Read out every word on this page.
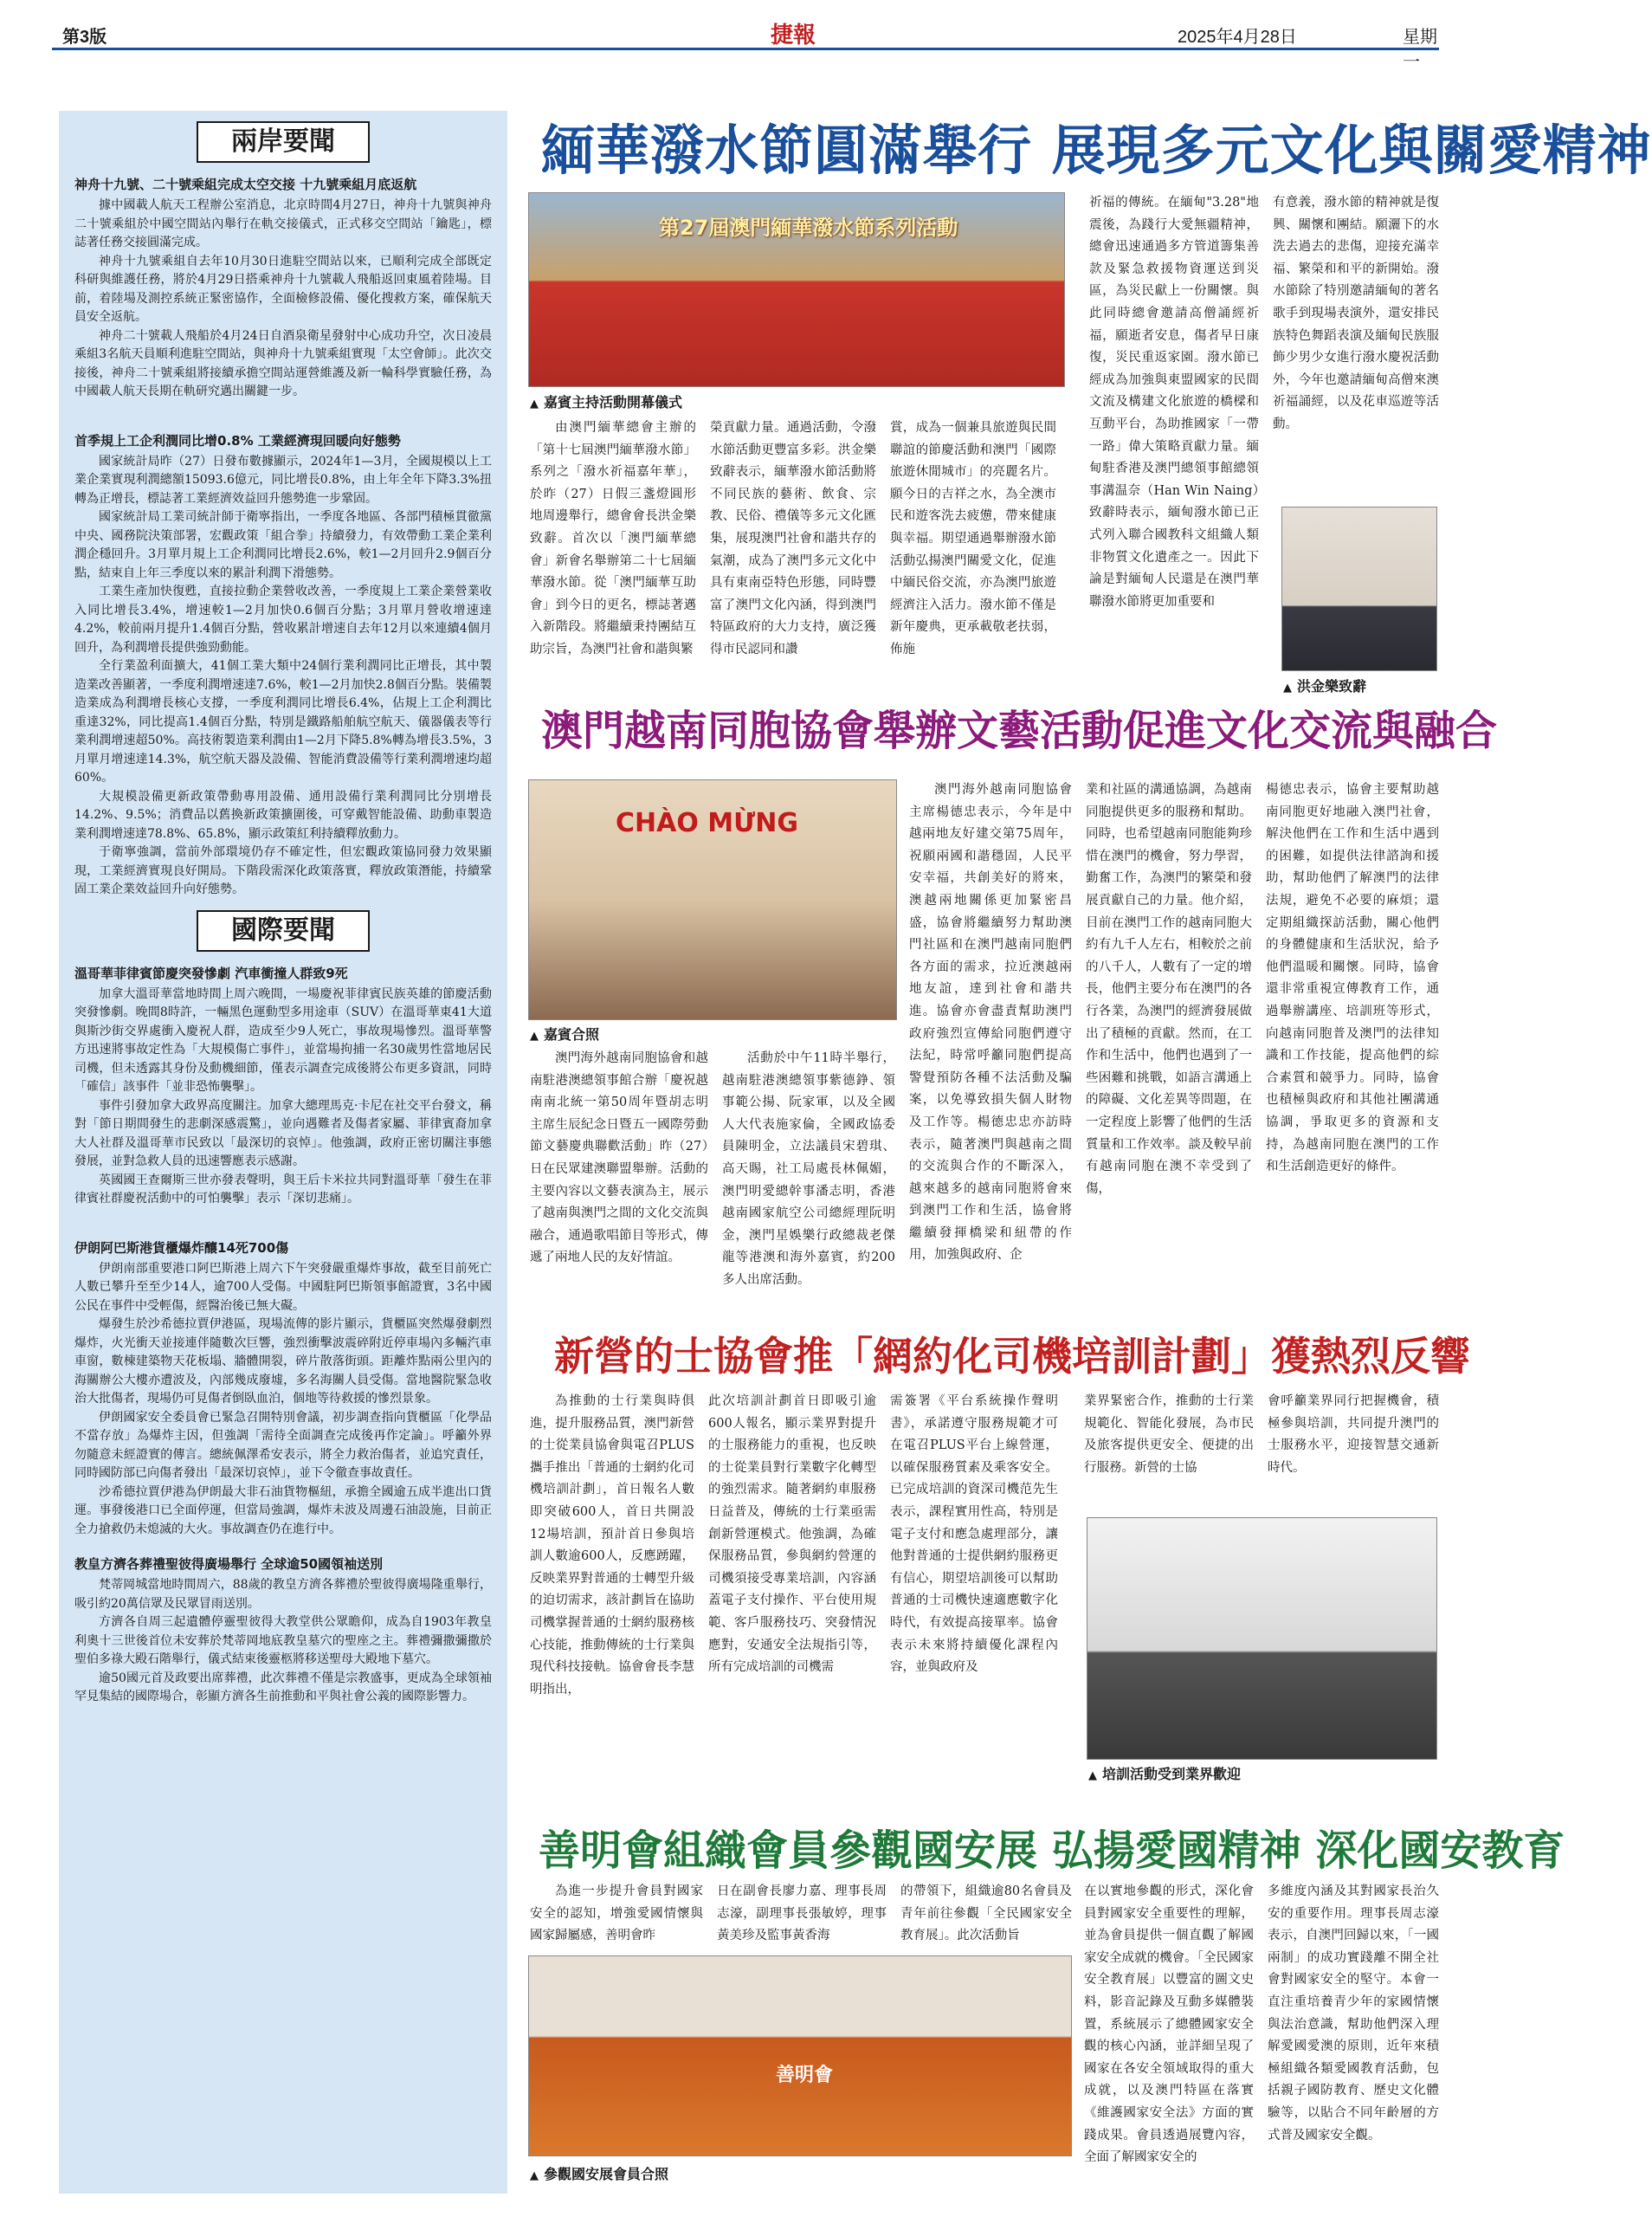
第3版	捷報	2025年4月28日	星期一
兩岸要聞
神舟十九號、二十號乘組完成太空交接 十九號乘組月底返航

據中國載人航天工程辦公室消息，北京時間4月27日，神舟十九號與神舟二十號乘組於中國空間站內舉行在軌交接儀式，正式移交空間站「鑰匙」，標誌著任務交接圓滿完成。

神舟十九號乘組自去年10月30日進駐空間站以來，已順利完成全部既定科研與維護任務，將於4月29日搭乘神舟十九號載人飛船返回東風着陸場。目前，着陸場及測控系統正緊密協作，全面檢修設備、優化搜救方案，確保航天員安全返航。

神舟二十號載人飛船於4月24日自酒泉衛星發射中心成功升空，次日凌晨乘組3名航天員順利進駐空間站，與神舟十九號乘組實現「太空會師」。此次交接後，神舟二十號乘組將接續承擔空間站運營維護及新一輪科學實驗任務，為中國載人航天長期在軌研究邁出關鍵一步。

首季規上工企利潤同比增0.8% 工業經濟現回暖向好態勢

國家統計局昨（27）日發布數據顯示，2024年1—3月，全國規模以上工業企業實現利潤總額15093.6億元，同比增長0.8%，由上年全年下降3.3%扭轉為正增長，標誌著工業經濟效益回升態勢進一步鞏固。

國家統計局工業司統計師于衛寧指出，一季度各地區、各部門積極貫徹黨中央、國務院決策部署，宏觀政策「組合拳」持續發力，有效帶動工業企業利潤企穩回升。3月單月規上工企利潤同比增長2.6%，較1—2月回升2.9個百分點，結束自上年三季度以來的累計利潤下滑態勢。

工業生產加快復甦，直接拉動企業營收改善，一季度規上工業企業營業收入同比增長3.4%，增速較1—2月加快0.6個百分點；3月單月營收增速達4.2%，較前兩月提升1.4個百分點，營收累計增速自去年12月以來連續4個月回升，為利潤增長提供強勁動能。

全行業盈利面擴大，41個工業大類中24個行業利潤同比正增長，其中製造業改善顯著，一季度利潤增速達7.6%，較1—2月加快2.8個百分點。裝備製造業成為利潤增長核心支撐，一季度利潤同比增長6.4%，佔規上工企利潤比重達32%，同比提高1.4個百分點，特別是鐵路船舶航空航天、儀器儀表等行業利潤增速超50%。高技術製造業利潤由1—2月下降5.8%轉為增長3.5%，3月單月增速達14.3%，航空航天器及設備、智能消費設備等行業利潤增速均超60%。

大規模設備更新政策帶動專用設備、通用設備行業利潤同比分別增長14.2%、9.5%；消費品以舊換新政策擴圍後，可穿戴智能設備、助動車製造業利潤增速達78.8%、65.8%，顯示政策紅利持續釋放動力。

于衛寧強調，當前外部環境仍存不確定性，但宏觀政策協同發力效果顯現，工業經濟實現良好開局。下階段需深化政策落實，釋放政策潛能，持續鞏固工業企業效益回升向好態勢。

國際要聞
溫哥華菲律賓節慶突發慘劇 汽車衝撞人群致9死

加拿大溫哥華當地時間上周六晚間，一場慶祝菲律賓民族英雄的節慶活動突發慘劇。晚間8時許，一輛黑色運動型多用途車（SUV）在溫哥華東41大道與斯沙街交界處衝入慶祝人群，造成至少9人死亡，事故現場慘烈。溫哥華警方迅速將事故定性為「大規模傷亡事件」，並當場拘捕一名30歲男性當地居民司機，但未透露其身份及動機細節，僅表示調查完成後將公布更多資訊，同時「確信」該事件「並非恐怖襲擊」。

事件引發加拿大政界高度關注。加拿大總理馬克·卡尼在社交平台發文，稱對「節日期間發生的悲劇深感震驚」，並向遇難者及傷者家屬、菲律賓裔加拿大人社群及溫哥華市民致以「最深切的哀悼」。他強調，政府正密切關注事態發展，並對急救人員的迅速響應表示感謝。

英國國王查爾斯三世亦發表聲明，與王后卡米拉共同對溫哥華「發生在菲律賓社群慶祝活動中的可怕襲擊」表示「深切悲痛」。

伊朗阿巴斯港貨櫃爆炸釀14死700傷

伊朗南部重要港口阿巴斯港上周六下午突發嚴重爆炸事故，截至目前死亡人數已攀升至至少14人，逾700人受傷。中國駐阿巴斯領事館證實，3名中國公民在事件中受輕傷，經醫治後已無大礙。

爆發生於沙希德拉賈伊港區，現場流傳的影片顯示，貨櫃區突然爆發劇烈爆炸，火光衝天並接連伴隨數次巨響，強烈衝擊波震碎附近停車場內多輛汽車車窗，數棟建築物天花板塌、牆體開裂，碎片散落街頭。距離炸點兩公里內的海關辦公大樓亦遭波及，內部幾成廢墟，多名海關人員受傷。當地醫院緊急收治大批傷者，現場仍可見傷者倒臥血泊，個地等待救援的慘烈景象。

伊朗國家安全委員會已緊急召開特別會議，初步調查指向貨櫃區「化學品不當存放」為爆炸主因，但強調「需待全面調查完成後再作定論」。呼籲外界勿隨意未經證實的傳言。總統佩澤希安表示，將全力救治傷者，並追究責任，同時國防部已向傷者發出「最深切哀悼」，並下令徹查事故責任。

沙希德拉賈伊港為伊朗最大非石油貨物樞紐，承擔全國逾五成半進出口貨運。事發後港口已全面停運，但當局強調，爆炸未波及周邊石油設施，目前正全力搶救仍未熄滅的大火。事故調查仍在進行中。

教皇方濟各葬禮聖彼得廣場舉行 全球逾50國領袖送別

梵蒂岡城當地時間周六，88歲的教皇方濟各葬禮於聖彼得廣場隆重舉行，吸引約20萬信眾及民眾冒雨送別。

方濟各自周三起遺體停靈聖彼得大教堂供公眾瞻仰，成為自1903年教皇利奧十三世後首位未安葬於梵蒂岡地底教皇墓穴的聖座之主。葬禮彌撒彌撒於聖伯多祿大殿石階舉行，儀式結束後靈柩將移送聖母大殿地下墓穴。

逾50國元首及政要出席葬禮，此次葬禮不僅是宗教盛事，更成為全球領袖罕見集結的國際場合，彰顯方濟各生前推動和平與社會公義的國際影響力。

緬華潑水節圓滿舉行 展現多元文化與關愛精神
第27屆澳門緬華潑水節系列活動
▲ 嘉賓主持活動開幕儀式

由澳門緬華總會主辦的「第十七屆澳門緬華潑水節」系列之「潑水祈福嘉年華」，於昨（27）日假三盞燈圓形地周邊舉行，總會會長洪金樂致辭。首次以「澳門緬華總會」新會名舉辦第二十七屆緬華潑水節。從「澳門緬華互助會」到今日的更名，標誌著邁入新階段。將繼續秉持團結互助宗旨，為澳門社會和諧與繁

榮貢獻力量。通過活動，令潑水節活動更豐富多彩。洪金樂致辭表示，緬華潑水節活動將不同民族的藝術、飲食、宗教、民俗、禮儀等多元文化匯集，展現澳門社會和諧共存的氣潮，成為了澳門多元文化中具有東南亞特色形態，同時豐富了澳門文化內涵，得到澳門特區政府的大力支持，廣泛獲得市民認同和讚

賞，成為一個兼具旅遊與民間聯誼的節慶活動和澳門「國際旅遊休閒城市」的亮麗名片。願今日的吉祥之水，為全澳市民和遊客洗去疲憊，帶來健康與幸福。期望通過舉辦潑水節活動弘揚澳門關愛文化，促進中緬民俗交流，亦為澳門旅遊經濟注入活力。潑水節不僅是新年慶典，更承載敬老扶弱，佈施

祈福的傳統。在緬甸"3.28"地震後，為踐行大愛無疆精神，總會迅速通過多方管道籌集善款及緊急救援物資運送到災區，為災民獻上一份關懷。與此同時總會邀請高僧誦經祈福，願逝者安息，傷者早日康復，災民重返家園。潑水節已經成為加強與東盟國家的民間文流及構建文化旅遊的橋樑和互動平台，為助推國家「一帶一路」偉大策略貢獻力量。緬甸駐香港及澳門總領事館總領事溝温奈（Han Win Naing）致辭時表示，緬甸潑水節已正式列入聯合國教科文組織人類非物質文化遺產之一。因此下論是對緬甸人民還是在澳門華聯潑水節將更加重要和

有意義，潑水節的精神就是復興、關懷和團結。願灑下的水洗去過去的悲傷，迎接充滿幸福、繁榮和和平的新開始。潑水節除了特別邀請緬甸的著名歌手到現場表演外，還安排民族特色舞蹈表演及緬甸民族服飾少男少女進行潑水慶祝活動外，今年也邀請緬甸高僧來澳祈福誦經，以及花車巡遊等活動。

▲ 洪金樂致辭
澳門越南同胞協會舉辦文藝活動促進文化交流與融合
CHÀO MỪNG
▲ 嘉賓合照

澳門海外越南同胞協會主席楊德忠表示，今年是中越兩地友好建交第75周年，祝願兩國和諧穩固，人民平安幸福，共創美好的將來，澳越兩地關係更加緊密昌盛，協會將繼續努力幫助澳門社區和在澳門越南同胞們各方面的需求，拉近澳越兩地友誼，達到社會和諧共進。協會亦會盡責幫助澳門政府強烈宣傳給同胞們遵守法紀，時常呼籲同胞們提高警覺預防各種不法活動及騙案，以免導致損失個人財物及工作等。楊德忠忠亦訪時表示，隨著澳門與越南之間的交流與合作的不斷深入，越來越多的越南同胞將會來到澳門工作和生活，協會將繼續發揮橋梁和紐帶的作用，加強與政府、企

業和社區的溝通協調，為越南同胞提供更多的服務和幫助。同時，也希望越南同胞能夠珍惜在澳門的機會，努力學習，勤奮工作，為澳門的繁榮和發展貢獻自己的力量。他介紹，目前在澳門工作的越南同胞大約有九千人左右，相較於之前的八千人，人數有了一定的增長，他們主要分布在澳門的各行各業，為澳門的經濟發展做出了積極的貢獻。然而，在工作和生活中，他們也遇到了一些困難和挑戰，如語言溝通上的障礙、文化差異等問題，在一定程度上影響了他們的生活質量和工作效率。談及較早前有越南同胞在澳不幸受到了傷，

楊德忠表示，協會主要幫助越南同胞更好地融入澳門社會，解決他們在工作和生活中遇到的困難，如提供法律諮詢和援助，幫助他們了解澳門的法律法規，避免不必要的麻煩；還定期組織探訪活動，關心他們的身體健康和生活狀況，給予他們溫暖和關懷。同時，協會還非常重視宣傳教育工作，通過舉辦講座、培訓班等形式，向越南同胞普及澳門的法律知識和工作技能，提高他們的綜合素質和競爭力。同時，協會也積極與政府和其他社團溝通協調，爭取更多的資源和支持，為越南同胞在澳門的工作和生活創造更好的條件。

澳門海外越南同胞協會和越南駐港澳總領事館合辦「慶祝越南南北統一第50周年暨胡志明主席生辰紀念日暨五一國際勞動節文藝慶典聯歡活動」昨（27）日在民眾建澳聯盟舉辦。活動的主要內容以文藝表演為主，展示了越南與澳門之間的文化交流與融合，通過歌唱節目等形式，傳遞了兩地人民的友好情誼。

活動於中午11時半舉行，越南駐港澳總領事紫德錚、領事範公揚、阮家軍，以及全國人大代表施家倫，全國政協委員陳明金，立法議員宋碧琪、高天賜，社工局處長林佩媚，澳門明愛總幹事潘志明，香港越南國家航空公司總經理阮明金，澳門星娛樂行政總裁老傑龍等港澳和海外嘉賓，約200多人出席活動。

新營的士協會推「網約化司機培訓計劃」獲熱烈反響

為推動的士行業與時俱進，提升服務品質，澳門新營的士從業員協會與電召PLUS攜手推出「普通的士網約化司機培訓計劃」，首日報名人數即突破600人，首日共開設12場培訓，預計首日參與培訓人數逾600人，反應踴躍，反映業界對普通的士轉型升級的迫切需求，該計劃旨在協助司機掌握普通的士網約服務核心技能，推動傳統的士行業與現代科技接軌。協會會長李慧明指出，

此次培訓計劃首日即吸引逾600人報名，顯示業界對提升的士服務能力的重視，也反映的士從業員對行業數字化轉型的強烈需求。隨著網約車服務日益普及，傳統的士行業亟需創新營運模式。他強調，為確保服務品質，參與網約營運的司機須接受專業培訓，內容涵蓋電子支付操作、平台使用規範、客戶服務技巧、突發情況應對，安通安全法規指引等，所有完成培訓的司機需

需簽署《平台系統操作聲明書》，承諾遵守服務規範才可在電召PLUS平台上線營運，以確保服務質素及乘客安全。已完成培訓的資深司機范先生表示，課程實用性高，特別是電子支付和應急處理部分，讓他對普通的士提供網約服務更有信心，期望培訓後可以幫助普通的士司機快速適應數字化時代，有效提高接單率。協會表示未來將持續優化課程內容，並與政府及

業界緊密合作，推動的士行業規範化、智能化發展，為市民及旅客提供更安全、便捷的出行服務。新營的士協

會呼籲業界同行把握機會，積極參與培訓，共同提升澳門的士服務水平，迎接智慧交通新時代。

▲ 培訓活動受到業界歡迎
善明會組織會員參觀國安展 弘揚愛國精神 深化國安教育

為進一步提升會員對國家安全的認知，增強愛國情懷與國家歸屬感，善明會昨

日在副會長廖力嘉、理事長周志濠，副理事長張敏婷，理事黃美珍及監事黃香海

的帶領下，組織逾80名會員及青年前往參觀「全民國家安全教育展」。此次活動旨

在以實地參觀的形式，深化會員對國家安全重要性的理解，並為會員提供一個直觀了解國家安全成就的機會。「全民國家安全教育展」以豐富的圖文史料，影音記錄及互動多媒體裝置，系統展示了總體國家安全觀的核心內涵，並詳細呈現了國家在各安全領域取得的重大成就，以及澳門特區在落實《維護國家安全法》方面的實踐成果。會員透過展覽內容，全面了解國家安全的

多維度內涵及其對國家長治久安的重要作用。理事長周志濠表示，自澳門回歸以來，「一國兩制」的成功實踐離不開全社會對國家安全的堅守。本會一直注重培養青少年的家國情懷與法治意識，幫助他們深入理解愛國愛澳的原則，近年來積極組織各類愛國教育活動，包括親子國防教育、歷史文化體驗等，以貼合不同年齡層的方式普及國家安全觀。

善明會
▲ 參觀國安展會員合照
